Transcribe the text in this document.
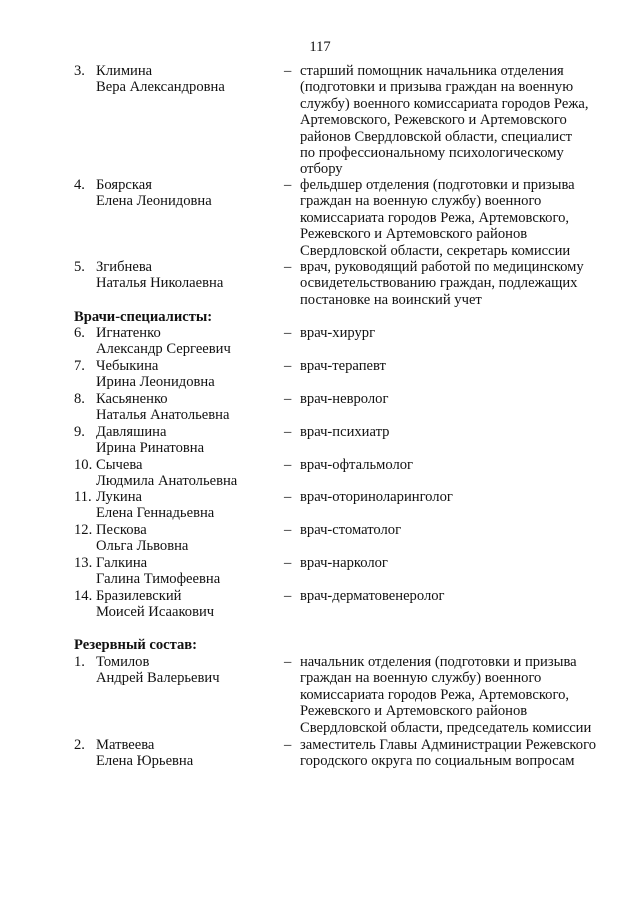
117
3. Климина
Вера Александровна
– старший помощник начальника отделения
(подготовки и призыва граждан на военную
службу) военного комиссариата городов Режа,
Артемовского, Режевского и Артемовского
районов Свердловской области, специалист
по профессиональному психологическому
отбору
4. Боярская
Елена Леонидовна
– фельдшер отделения (подготовки и призыва
граждан на военную службу) военного
комиссариата городов Режа, Артемовского,
Режевского и Артемовского районов
Свердловской области, секретарь комиссии
5. Згибнева
Наталья Николаевна
– врач, руководящий работой по медицинскому
освидетельствованию граждан, подлежащих
постановке на воинский учет
Врачи-специалисты:
6. Игнатенко
Александр Сергеевич
– врач-хирург
7. Чебыкина
Ирина Леонидовна
– врач-терапевт
8. Касьяненко
Наталья Анатольевна
– врач-невролог
9. Давляшина
Ирина Ринатовна
– врач-психиатр
10. Сычева
Людмила Анатольевна
– врач-офтальмолог
11. Лукина
Елена Геннадьевна
– врач-оториноларинголог
12. Пескова
Ольга Львовна
– врач-стоматолог
13. Галкина
Галина Тимофеевна
– врач-нарколог
14. Бразилевский
Моисей Исаакович
– врач-дерматовенеролог
Резервный состав:
1. Томилов
Андрей Валерьевич
– начальник отделения (подготовки и призыва
граждан на военную службу) военного
комиссариата городов Режа, Артемовского,
Режевского и Артемовского районов
Свердловской области, председатель комиссии
2. Матвеева
Елена Юрьевна
– заместитель Главы Администрации Режевского
городского округа по социальным вопросам
